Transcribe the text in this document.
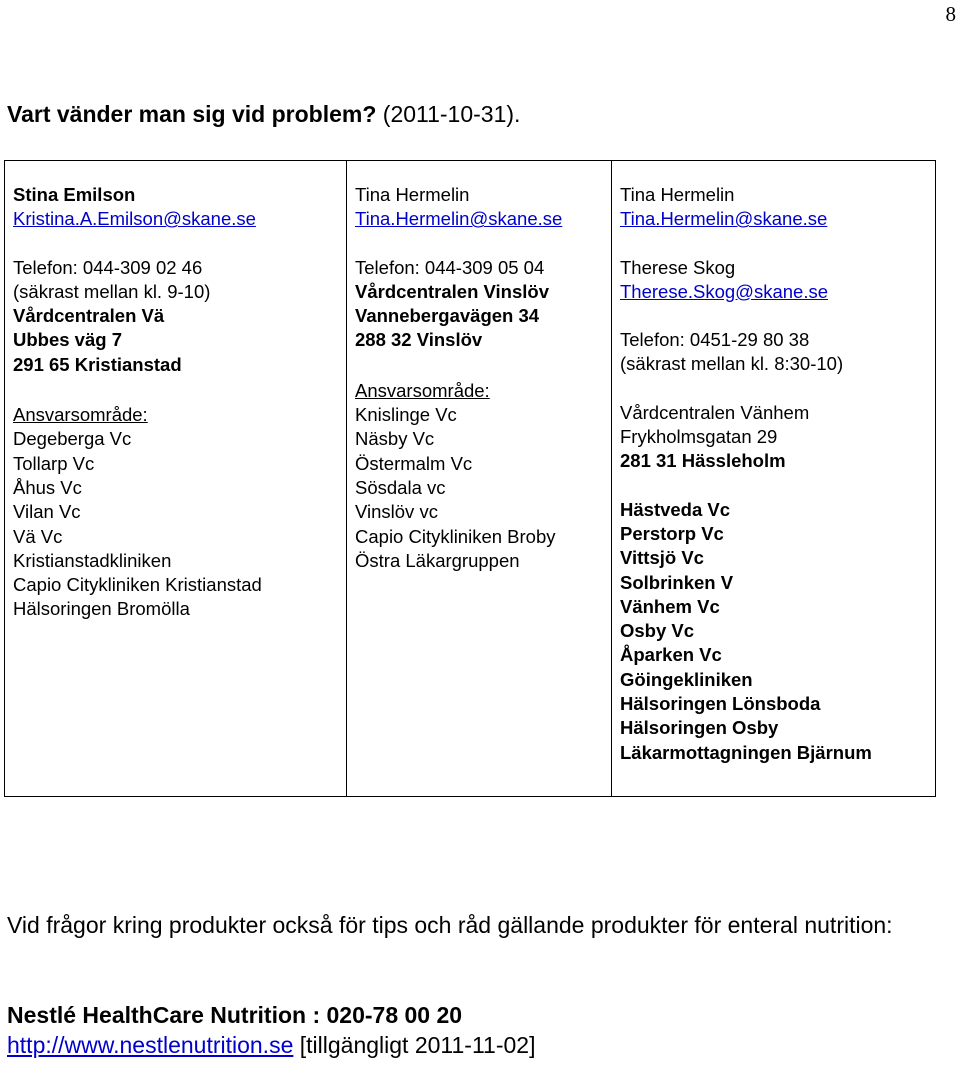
8
Vart vänder man sig vid problem? (2011-10-31).
Stina Emilson
Kristina.A.Emilson@skane.se
Telefon: 044-309 02 46
(säkrast mellan kl. 9-10)
Vårdcentralen Vä
Ubbes väg 7
291 65 Kristianstad
Ansvarsområde:
Degeberga Vc
Tollarp Vc
Åhus Vc
Vilan Vc
Vä Vc
Kristianstadkliniken
Capio Citykliniken Kristianstad
Hälsoringen Bromölla

Tina Hermelin
Tina.Hermelin@skane.se
Telefon: 044-309 05 04
Vårdcentralen Vinslöv
Vannebergavägen 34
288 32 Vinslöv
Ansvarsområde:
Knislinge Vc
Näsby Vc
Östermalm Vc
Sösdala vc
Vinslöv vc
Capio Citykliniken Broby
Östra Läkargruppen

Tina Hermelin
Tina.Hermelin@skane.se
Therese Skog
Therese.Skog@skane.se
Telefon: 0451-29 80 38
(säkrast mellan kl. 8:30-10)
Vårdcentralen Vänhem
Frykholmsgatan 29
281 31 Hässleholm
Hästveda Vc
Perstorp Vc
Vittsjö Vc
Solbrinken V
Vänhem Vc
Osby Vc
Åparken Vc
Göingekliniken
Hälsoringen Lönsboda
Hälsoringen Osby
Läkarmottagningen Bjärnum
Vid frågor kring produkter också för tips och råd gällande produkter för enteral nutrition:
Nestlé HealthCare Nutrition : 020-78 00 20
http://www.nestlenutrition.se [tillgängligt 2011-11-02]
